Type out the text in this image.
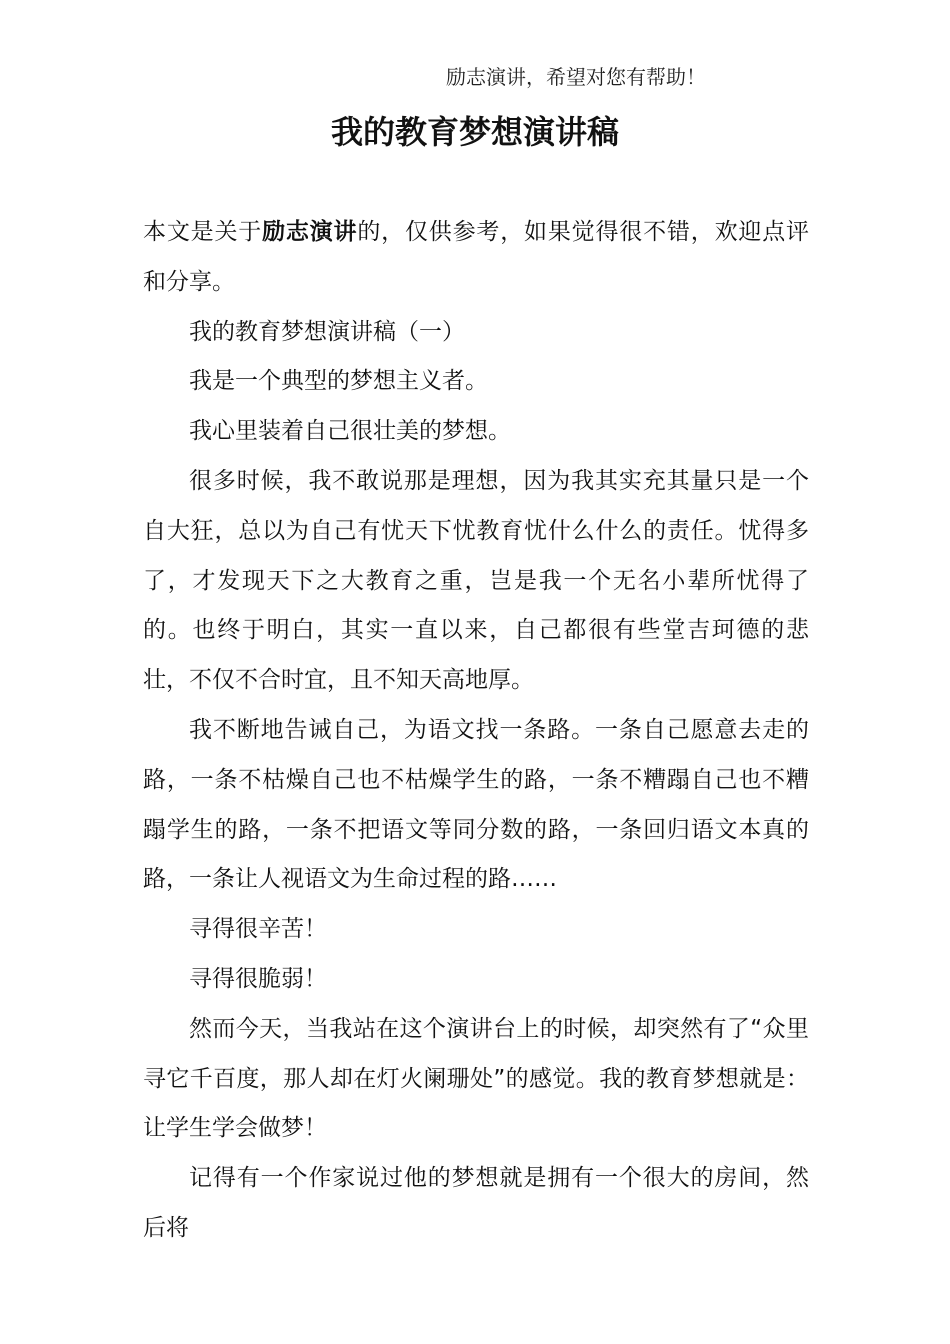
励志演讲，希望对您有帮助！
我的教育梦想演讲稿

本文是关于励志演讲的，仅供参考，如果觉得很不错，欢迎点评和分享。

我的教育梦想演讲稿（一）

我是一个典型的梦想主义者。

我心里装着自己很壮美的梦想。

很多时候，我不敢说那是理想，因为我其实充其量只是一个自大狂，总以为自己有忧天下忧教育忧什么什么的责任。忧得多了，才发现天下之大教育之重，岂是我一个无名小辈所忧得了的。也终于明白，其实一直以来，自己都很有些堂吉珂德的悲壮，不仅不合时宜，且不知天高地厚。

我不断地告诫自己，为语文找一条路。一条自己愿意去走的路，一条不枯燥自己也不枯燥学生的路，一条不糟蹋自己也不糟蹋学生的路，一条不把语文等同分数的路，一条回归语文本真的路，一条让人视语文为生命过程的路……

寻得很辛苦！

寻得很脆弱！

然而今天，当我站在这个演讲台上的时候，却突然有了“众里寻它千百度，那人却在灯火阑珊处”的感觉。我的教育梦想就是：让学生学会做梦！

记得有一个作家说过他的梦想就是拥有一个很大的房间，然后将
